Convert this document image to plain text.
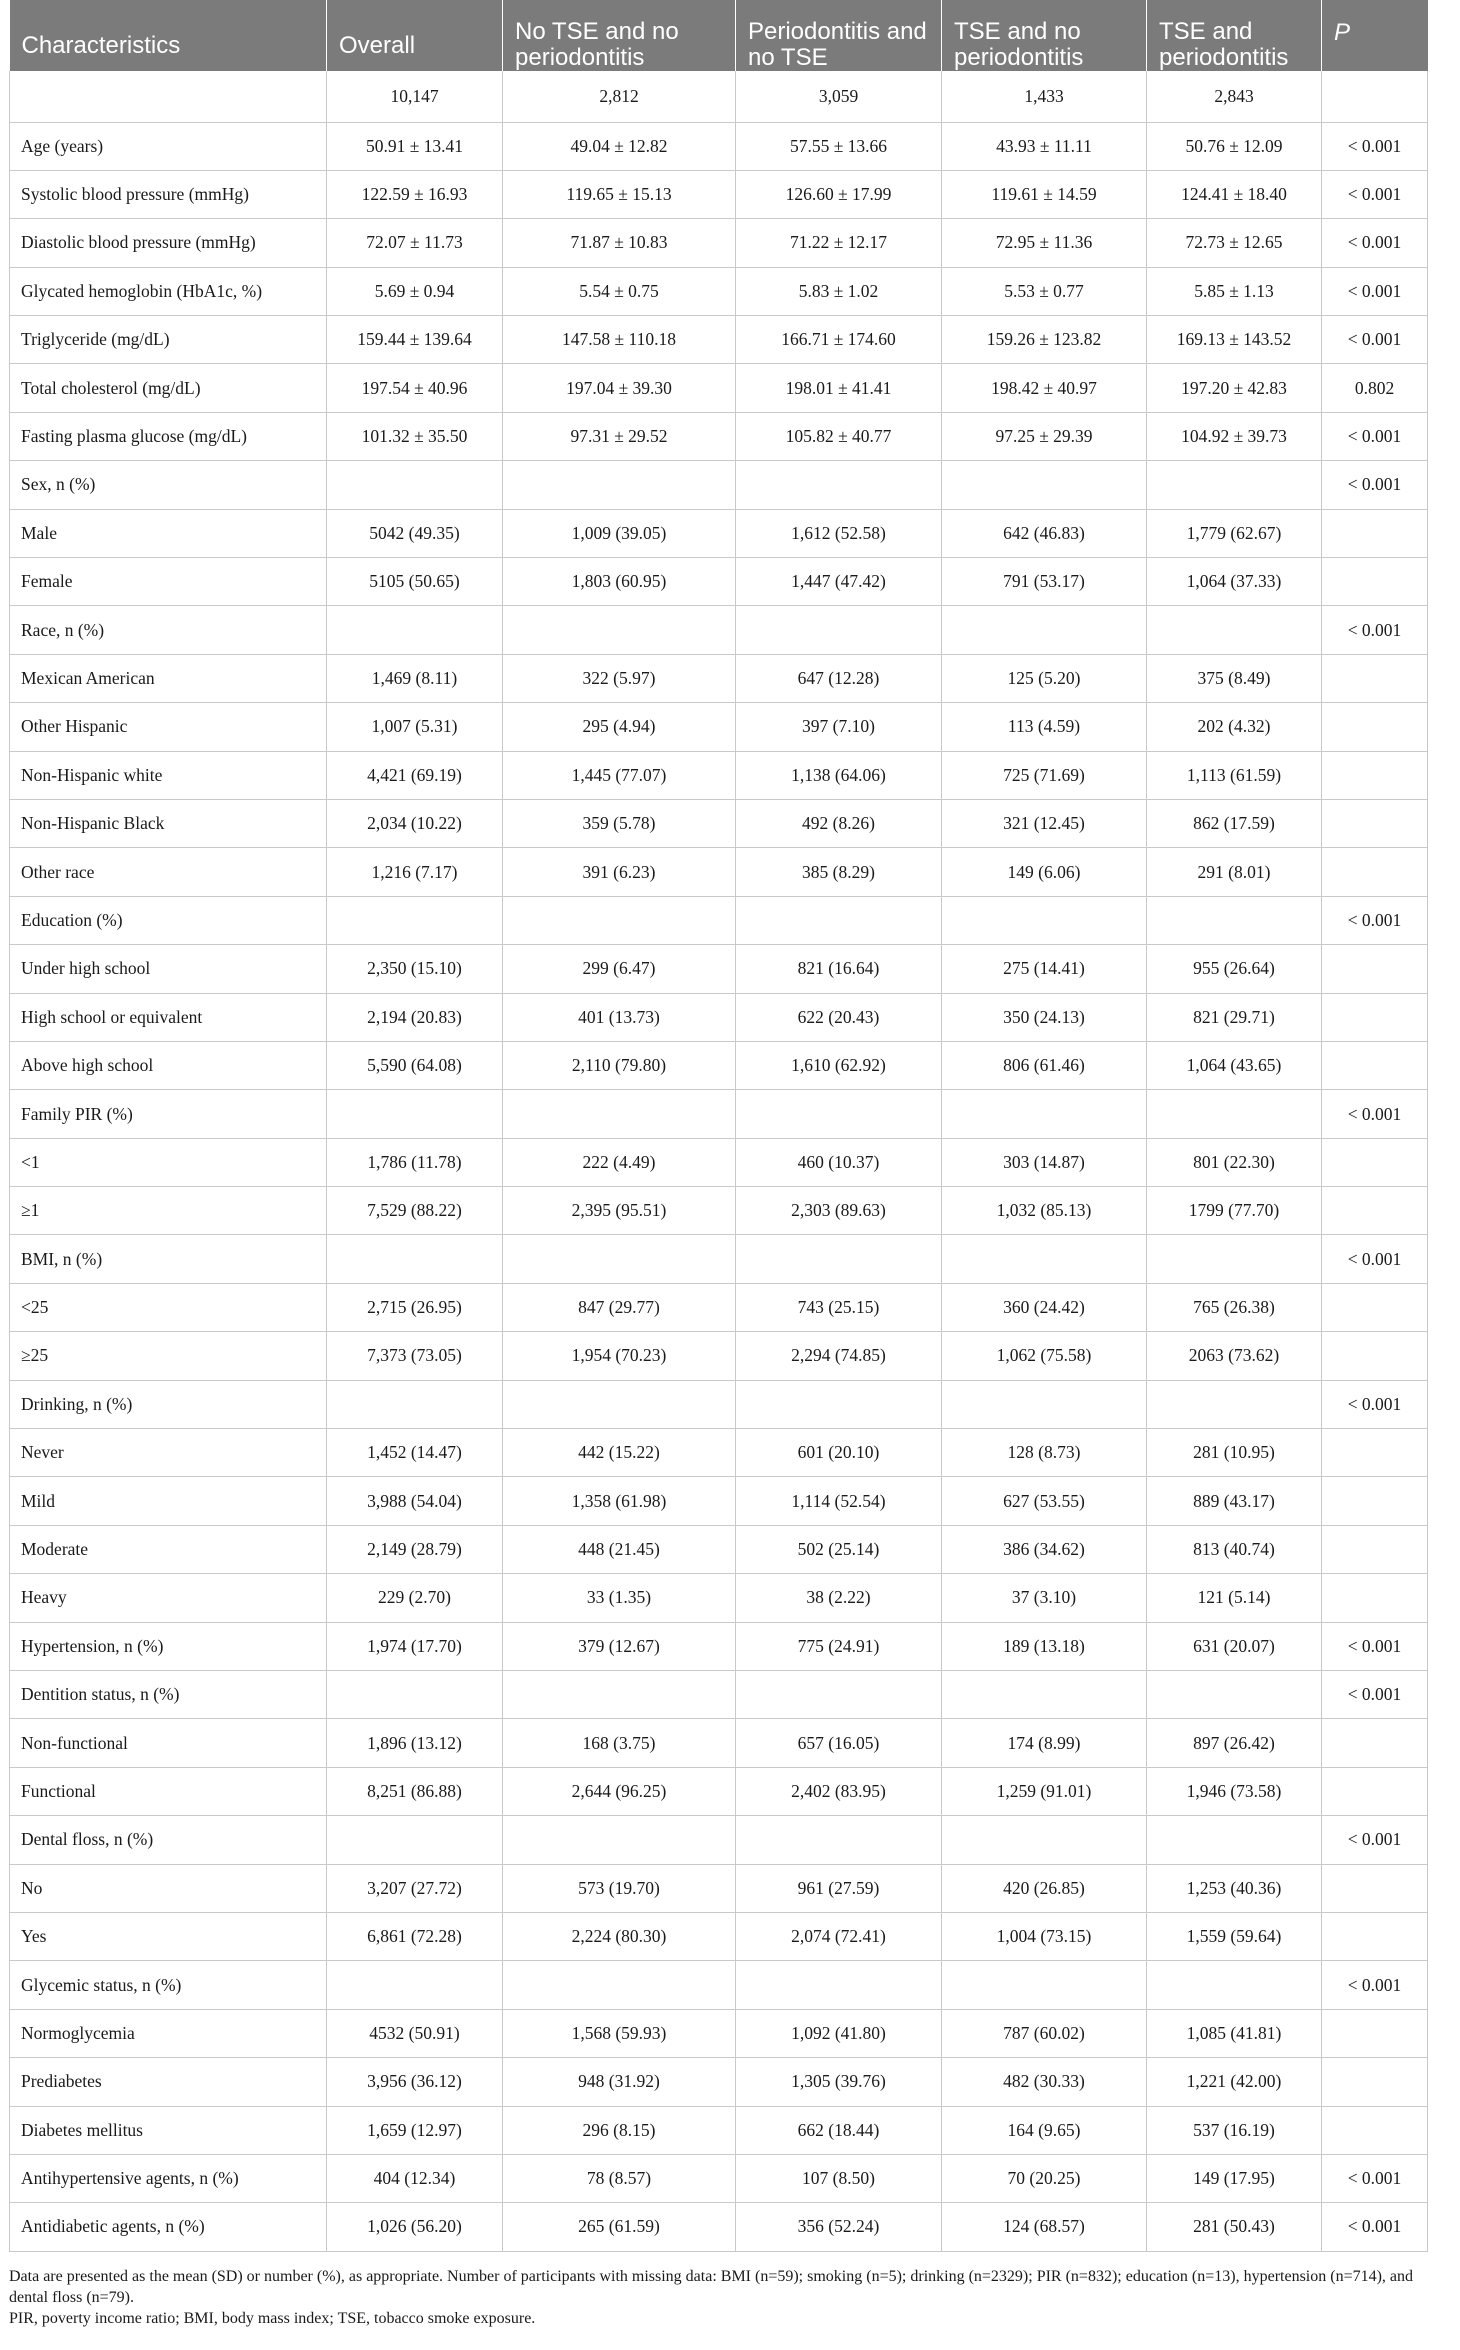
Characteristics	Overall	No TSE and no periodontitis	Periodontitis and no TSE	TSE and no periodontitis	TSE and periodontitis	P
	10,147	2,812	3,059	1,433	2,843	
Age (years)	50.91 ± 13.41	49.04 ± 12.82	57.55 ± 13.66	43.93 ± 11.11	50.76 ± 12.09	< 0.001
Systolic blood pressure (mmHg)	122.59 ± 16.93	119.65 ± 15.13	126.60 ± 17.99	119.61 ± 14.59	124.41 ± 18.40	< 0.001
Diastolic blood pressure (mmHg)	72.07 ± 11.73	71.87 ± 10.83	71.22 ± 12.17	72.95 ± 11.36	72.73 ± 12.65	< 0.001
Glycated hemoglobin (HbA1c, %)	5.69 ± 0.94	5.54 ± 0.75	5.83 ± 1.02	5.53 ± 0.77	5.85 ± 1.13	< 0.001
Triglyceride (mg/dL)	159.44 ± 139.64	147.58 ± 110.18	166.71 ± 174.60	159.26 ± 123.82	169.13 ± 143.52	< 0.001
Total cholesterol (mg/dL)	197.54 ± 40.96	197.04 ± 39.30	198.01 ± 41.41	198.42 ± 40.97	197.20 ± 42.83	0.802
Fasting plasma glucose (mg/dL)	101.32 ± 35.50	97.31 ± 29.52	105.82 ± 40.77	97.25 ± 29.39	104.92 ± 39.73	< 0.001
Sex, n (%)						< 0.001
Male	5042 (49.35)	1,009 (39.05)	1,612 (52.58)	642 (46.83)	1,779 (62.67)	
Female	5105 (50.65)	1,803 (60.95)	1,447 (47.42)	791 (53.17)	1,064 (37.33)	
Race, n (%)						< 0.001
Mexican American	1,469 (8.11)	322 (5.97)	647 (12.28)	125 (5.20)	375 (8.49)	
Other Hispanic	1,007 (5.31)	295 (4.94)	397 (7.10)	113 (4.59)	202 (4.32)	
Non-Hispanic white	4,421 (69.19)	1,445 (77.07)	1,138 (64.06)	725 (71.69)	1,113 (61.59)	
Non-Hispanic Black	2,034 (10.22)	359 (5.78)	492 (8.26)	321 (12.45)	862 (17.59)	
Other race	1,216 (7.17)	391 (6.23)	385 (8.29)	149 (6.06)	291 (8.01)	
Education (%)						< 0.001
Under high school	2,350 (15.10)	299 (6.47)	821 (16.64)	275 (14.41)	955 (26.64)	
High school or equivalent	2,194 (20.83)	401 (13.73)	622 (20.43)	350 (24.13)	821 (29.71)	
Above high school	5,590 (64.08)	2,110 (79.80)	1,610 (62.92)	806 (61.46)	1,064 (43.65)	
Family PIR (%)						< 0.001
<1	1,786 (11.78)	222 (4.49)	460 (10.37)	303 (14.87)	801 (22.30)	
≥1	7,529 (88.22)	2,395 (95.51)	2,303 (89.63)	1,032 (85.13)	1799 (77.70)	
BMI, n (%)						< 0.001
<25	2,715 (26.95)	847 (29.77)	743 (25.15)	360 (24.42)	765 (26.38)	
≥25	7,373 (73.05)	1,954 (70.23)	2,294 (74.85)	1,062 (75.58)	2063 (73.62)	
Drinking, n (%)						< 0.001
Never	1,452 (14.47)	442 (15.22)	601 (20.10)	128 (8.73)	281 (10.95)	
Mild	3,988 (54.04)	1,358 (61.98)	1,114 (52.54)	627 (53.55)	889 (43.17)	
Moderate	2,149 (28.79)	448 (21.45)	502 (25.14)	386 (34.62)	813 (40.74)	
Heavy	229 (2.70)	33 (1.35)	38 (2.22)	37 (3.10)	121 (5.14)	
Hypertension, n (%)	1,974 (17.70)	379 (12.67)	775 (24.91)	189 (13.18)	631 (20.07)	< 0.001
Dentition status, n (%)						< 0.001
Non-functional	1,896 (13.12)	168 (3.75)	657 (16.05)	174 (8.99)	897 (26.42)	
Functional	8,251 (86.88)	2,644 (96.25)	2,402 (83.95)	1,259 (91.01)	1,946 (73.58)	
Dental floss, n (%)						< 0.001
No	3,207 (27.72)	573 (19.70)	961 (27.59)	420 (26.85)	1,253 (40.36)	
Yes	6,861 (72.28)	2,224 (80.30)	2,074 (72.41)	1,004 (73.15)	1,559 (59.64)	
Glycemic status, n (%)						< 0.001
Normoglycemia	4532 (50.91)	1,568 (59.93)	1,092 (41.80)	787 (60.02)	1,085 (41.81)	
Prediabetes	3,956 (36.12)	948 (31.92)	1,305 (39.76)	482 (30.33)	1,221 (42.00)	
Diabetes mellitus	1,659 (12.97)	296 (8.15)	662 (18.44)	164 (9.65)	537 (16.19)	
Antihypertensive agents, n (%)	404 (12.34)	78 (8.57)	107 (8.50)	70 (20.25)	149 (17.95)	< 0.001
Antidiabetic agents, n (%)	1,026 (56.20)	265 (61.59)	356 (52.24)	124 (68.57)	281 (50.43)	< 0.001

Data are presented as the mean (SD) or number (%), as appropriate. Number of participants with missing data: BMI (n=59); smoking (n=5); drinking (n=2329); PIR (n=832); education (n=13), hypertension (n=714), and dental floss (n=79).

PIR, poverty income ratio; BMI, body mass index; TSE, tobacco smoke exposure.
